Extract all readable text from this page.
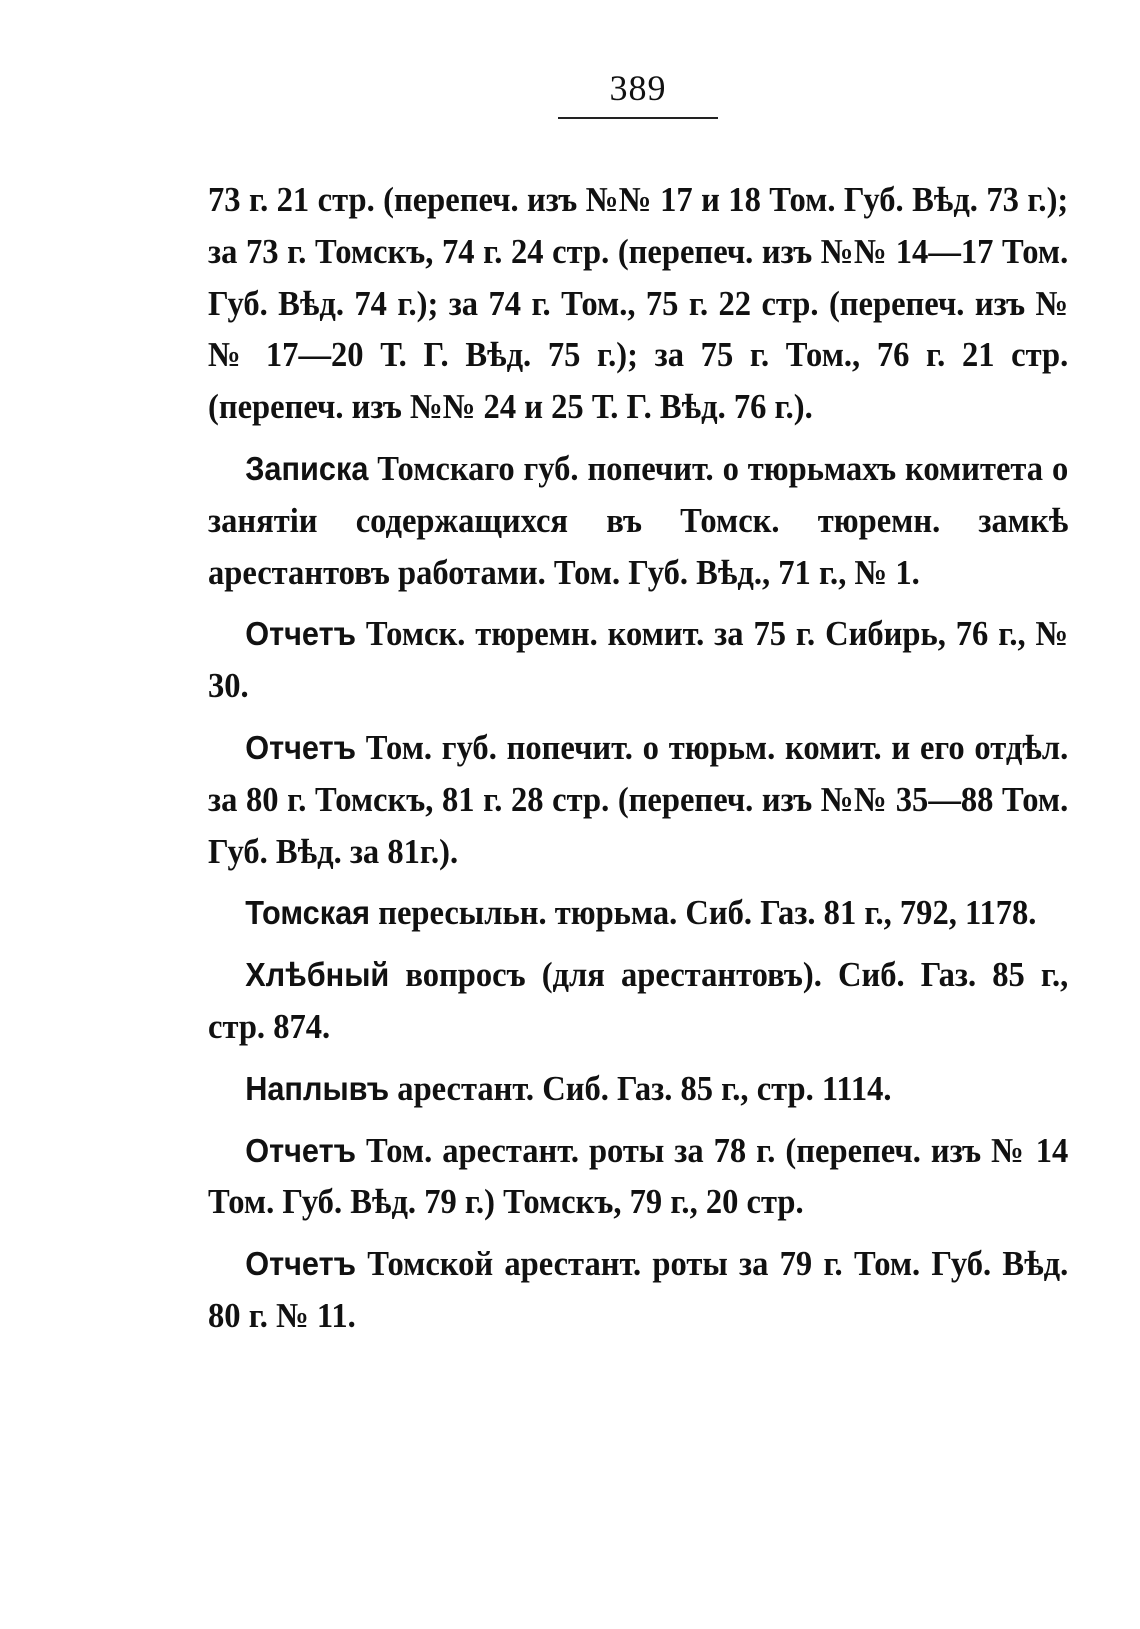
389

73 г. 21 стр. (перепеч. изъ №№ 17 и 18 Том. Губ. Вѣд. 73 г.); за 73 г. Томскъ, 74 г. 24 стр. (перепеч. изъ №№ 14—17 Том. Губ. Вѣд. 74 г.); за 74 г. Том., 75 г. 22 стр. (перепеч. изъ №№ 17—20 Т. Г. Вѣд. 75 г.); за 75 г. Том., 76 г. 21 стр. (перепеч. изъ №№ 24 и 25 Т. Г. Вѣд. 76 г.).

Записка Томскаго губ. попечит. о тюрьмахъ комитета о занятіи содержащихся въ Томск. тюремн. замкѣ арестантовъ работами. Том. Губ. Вѣд., 71 г., № 1.

Отчетъ Томск. тюремн. комит. за 75 г. Сибирь, 76 г., № 30.

Отчетъ Том. губ. попечит. о тюрьм. комит. и его отдѣл. за 80 г. Томскъ, 81 г. 28 стр. (перепеч. изъ №№ 35—88 Том. Губ. Вѣд. за 81г.).

Томская пересыльн. тюрьма. Сиб. Газ. 81 г., 792, 1178.

Хлѣбный вопросъ (для арестантовъ). Сиб. Газ. 85 г., стр. 874.

Наплывъ арестант. Сиб. Газ. 85 г., стр. 1114.

Отчетъ Том. арестант. роты за 78 г. (перепеч. изъ № 14 Том. Губ. Вѣд. 79 г.) Томскъ, 79 г., 20 стр.

Отчетъ Томской арестант. роты за 79 г. Том. Губ. Вѣд. 80 г. № 11.
